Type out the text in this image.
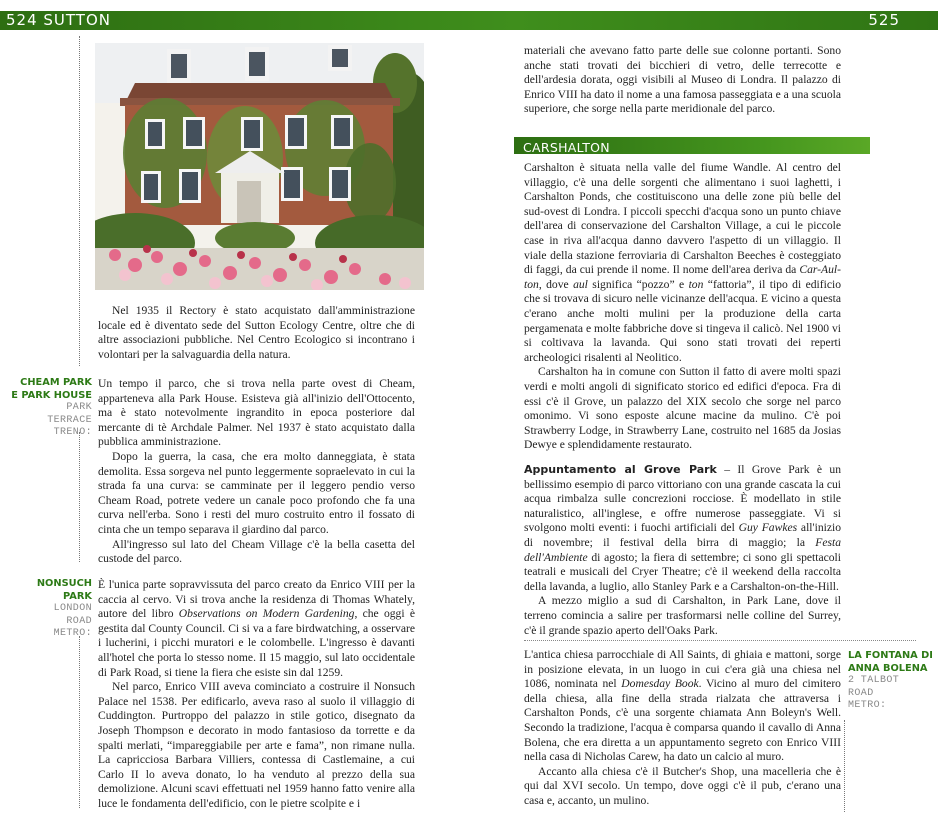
524 SUTTON	525

Nel 1935 il Rectory è stato acquistato dall'amministrazione locale ed è diventato sede del Sutton Ecology Centre, oltre che di altre associazioni pubbliche. Nel Centro Ecologico si incontrano i volontari per la salvaguardia della natura.

CHEAM PARK
E PARK HOUSE
PARK
TERRACE
TRENO:

Un tempo il parco, che si trova nella parte ovest di Cheam, apparteneva alla Park House. Esisteva già all'inizio dell'Ottocento, ma è stato notevolmente ingrandito in epoca posteriore dal mercante di tè Archdale Palmer. Nel 1937 è stato acquistato dalla pubblica amministrazione.

Dopo la guerra, la casa, che era molto danneggiata, è stata demolita. Essa sorgeva nel punto leggermente sopraelevato in cui la strada fa una curva: se camminate per il leggero pendio verso Cheam Road, potrete vedere un canale poco profondo che fa una curva nell'erba. Sono i resti del muro costruito entro il fossato di cinta che un tempo separava il giardino dal parco.

All'ingresso sul lato del Cheam Village c'è la bella casetta del custode del parco.

NONSUCH PARK
LONDON
ROAD
METRO:

È l'unica parte sopravvissuta del parco creato da Enrico VIII per la caccia al cervo. Vi si trova anche la residenza di Thomas Whately, autore del libro Observations on Modern Gardening, che oggi è gestita dal County Council. Ci si va a fare birdwatching, a osservare i lucherini, i picchi muratori e le colombelle. L'ingresso è davanti all'hotel che porta lo stesso nome. Il 15 maggio, sul lato occidentale di Park Road, si tiene la fiera che esiste sin dal 1259.

Nel parco, Enrico VIII aveva cominciato a costruire il Nonsuch Palace nel 1538. Per edificarlo, aveva raso al suolo il villaggio di Cuddington. Purtroppo del palazzo in stile gotico, disegnato da Joseph Thompson e decorato in modo fantasioso da torrette e da spalti merlati, “impareggiabile per arte e fama”, non rimane nulla. La capricciosa Barbara Villiers, contessa di Castlemaine, a cui Carlo II lo aveva donato, lo ha venduto al prezzo della sua demolizione. Alcuni scavi effettuati nel 1959 hanno fatto venire alla luce le fondamenta dell'edificio, con le pietre scolpite e i

materiali che avevano fatto parte delle sue colonne portanti. Sono anche stati trovati dei bicchieri di vetro, delle terrecotte e dell'ardesia dorata, oggi visibili al Museo di Londra. Il palazzo di Enrico VIII ha dato il nome a una famosa passeggiata e a una scuola superiore, che sorge nella parte meridionale del parco.

CARSHALTON

Carshalton è situata nella valle del fiume Wandle. Al centro del villaggio, c'è una delle sorgenti che alimentano i suoi laghetti, i Carshalton Ponds, che costituiscono una delle zone più belle del sud-ovest di Londra. I piccoli specchi d'acqua sono un punto chiave dell'area di conservazione del Carshalton Village, a cui le piccole case in riva all'acqua danno davvero l'aspetto di un villaggio. Il viale della stazione ferroviaria di Carshalton Beeches è costeggiato di faggi, da cui prende il nome. Il nome dell'area deriva da Car-Aul-ton, dove aul significa “pozzo” e ton “fattoria”, il tipo di edificio che si trovava di sicuro nelle vicinanze dell'acqua. E vicino a questa c'erano anche molti mulini per la produzione della carta pergamenata e molte fabbriche dove si tingeva il calicò. Nel 1900 vi si coltivava la lavanda. Qui sono stati trovati dei reperti archeologici risalenti al Neolitico.

Carshalton ha in comune con Sutton il fatto di avere molti spazi verdi e molti angoli di significato storico ed edifici d'epoca. Fra di essi c'è il Grove, un palazzo del XIX secolo che sorge nel parco omonimo. Vi sono esposte alcune macine da mulino. C'è poi Strawberry Lodge, in Strawberry Lane, costruito nel 1685 da Josias Dewye e splendidamente restaurato.

Appuntamento al Grove Park – Il Grove Park è un bellissimo esempio di parco vittoriano con una grande cascata la cui acqua rimbalza sulle concrezioni rocciose. È modellato in stile naturalistico, all'inglese, e offre numerose passeggiate. Vi si svolgono molti eventi: i fuochi artificiali del Guy Fawkes all'inizio di novembre; il festival della birra di maggio; la Festa dell'Ambiente di agosto; la fiera di settembre; ci sono gli spettacoli teatrali e musicali del Cryer Theatre; c'è il weekend della raccolta della lavanda, a luglio, allo Stanley Park e a Carshalton-on-the-Hill.

A mezzo miglio a sud di Carshalton, in Park Lane, dove il terreno comincia a salire per trasformarsi nelle colline del Surrey, c'è il grande spazio aperto dell'Oaks Park.

L'antica chiesa parrocchiale di All Saints, di ghiaia e mattoni, sorge in posizione elevata, in un luogo in cui c'era già una chiesa nel 1086, nominata nel Domesday Book. Vicino al muro del cimitero della chiesa, alla fine della strada rialzata che attraversa i Carshalton Ponds, c'è una sorgente chiamata Ann Boleyn's Well. Secondo la tradizione, l'acqua è comparsa quando il cavallo di Anna Bolena, che era diretta a un appuntamento segreto con Enrico VIII nella casa di Nicholas Carew, ha dato un calcio al muro.

Accanto alla chiesa c'è il Butcher's Shop, una macelleria che è qui dal XVI secolo. Un tempo, dove oggi c'è il pub, c'erano una casa e, accanto, un mulino.

LA FONTANA DI
ANNA BOLENA
2 TALBOT
ROAD
METRO:
